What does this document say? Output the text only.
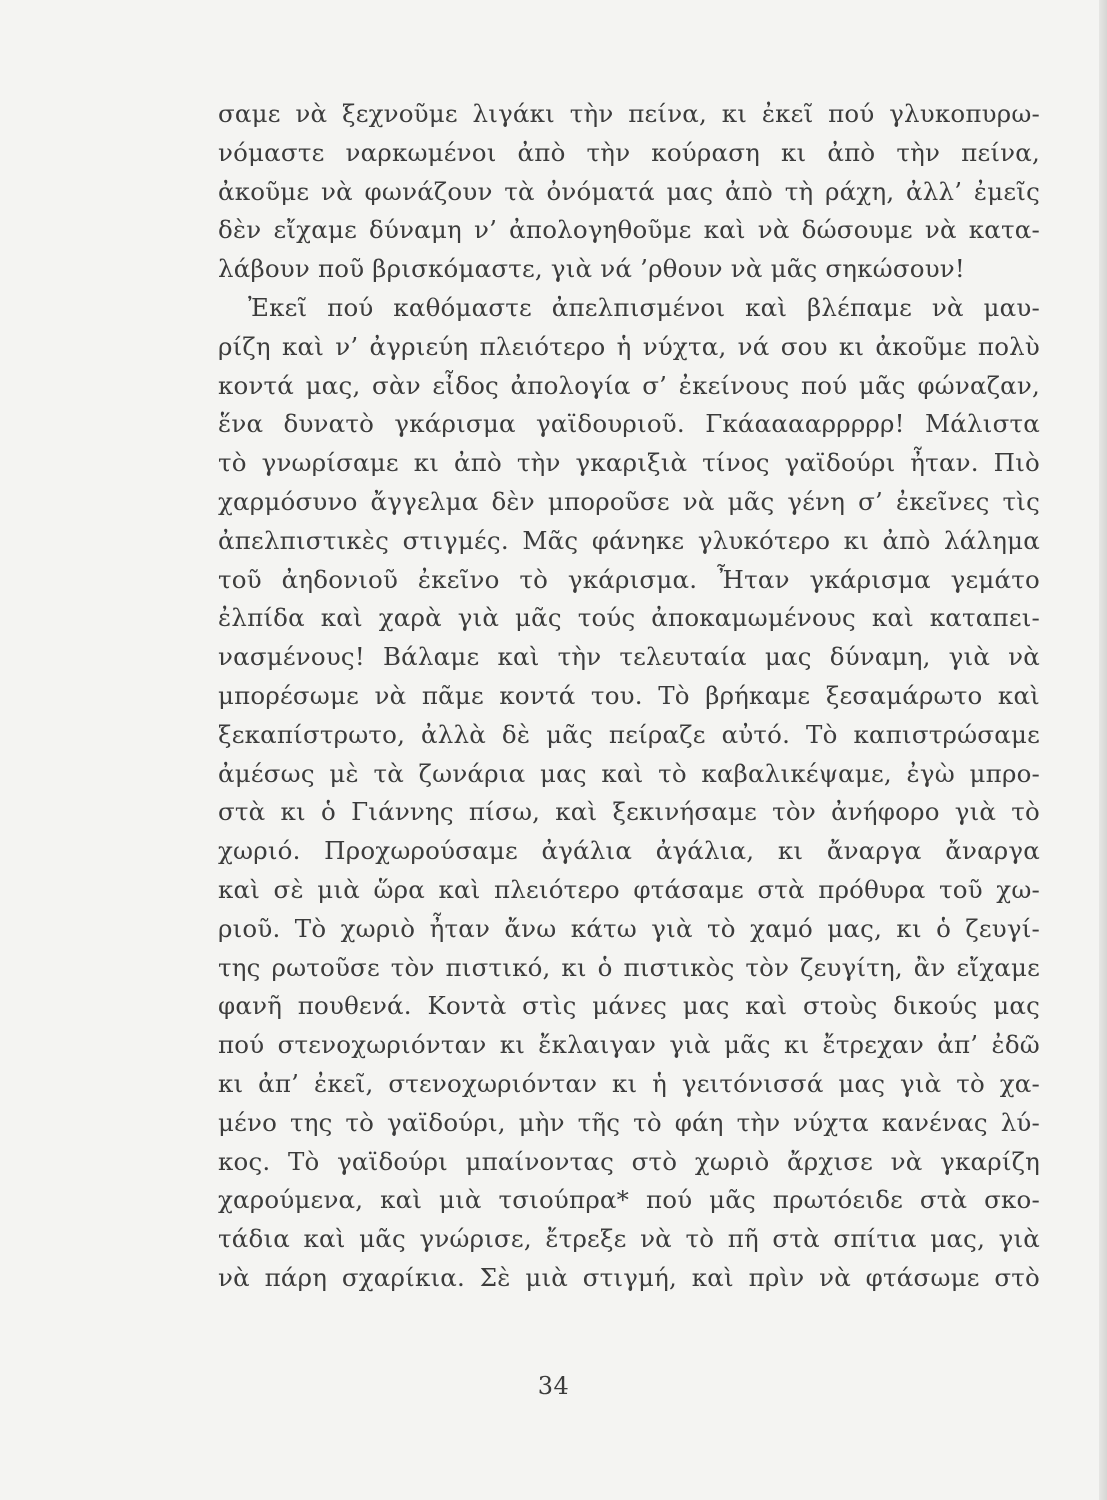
σαμε νὰ ξεχνοῦμε λιγάκι τὴν πείνα, κι ἐκεῖ πού γλυκοπυρω-
νόμαστε ναρκωμένοι ἀπὸ τὴν κούραση κι ἀπὸ τὴν πείνα,
ἀκοῦμε νὰ φωνάζουν τὰ ὀνόματά μας ἀπὸ τὴ ράχη, ἀλλ’ ἐμεῖς
δὲν εἴχαμε δύναμη ν’ ἀπολογηθοῦμε καὶ νὰ δώσουμε νὰ κατα-
λάβουν ποῦ βρισκόμαστε, γιὰ νά ’ρθουν νὰ μᾶς σηκώσουν!
Ἐκεῖ πού καθόμαστε ἀπελπισμένοι καὶ βλέπαμε νὰ μαυ-
ρίζη καὶ ν’ ἀγριεύη πλειότερο ἡ νύχτα, νά σου κι ἀκοῦμε πολὺ
κοντά μας, σὰν εἶδος ἀπολογία σ’ ἐκείνους πού μᾶς φώναζαν,
ἕνα δυνατὸ γκάρισμα γαϊδουριοῦ. Γκάααααρρρρρ! Μάλιστα
τὸ γνωρίσαμε κι ἀπὸ τὴν γκαριξιὰ τίνος γαϊδούρι ἦταν. Πιὸ
χαρμόσυνο ἄγγελμα δὲν μποροῦσε νὰ μᾶς γένη σ’ ἐκεῖνες τὶς
ἀπελπιστικὲς στιγμές. Μᾶς φάνηκε γλυκότερο κι ἀπὸ λάλημα
τοῦ ἀηδονιοῦ ἐκεῖνο τὸ γκάρισμα. Ἦταν γκάρισμα γεμάτο
ἐλπίδα καὶ χαρὰ γιὰ μᾶς τούς ἀποκαμωμένους καὶ καταπει-
νασμένους! Βάλαμε καὶ τὴν τελευταία μας δύναμη, γιὰ νὰ
μπορέσωμε νὰ πᾶμε κοντά του. Τὸ βρήκαμε ξεσαμάρωτο καὶ
ξεκαπίστρωτο, ἀλλὰ δὲ μᾶς πείραζε αὐτό. Τὸ καπιστρώσαμε
ἀμέσως μὲ τὰ ζωνάρια μας καὶ τὸ καβαλικέψαμε, ἐγὼ μπρο-
στὰ κι ὁ Γιάννης πίσω, καὶ ξεκινήσαμε τὸν ἀνήφορο γιὰ τὸ
χωριό. Προχωρούσαμε ἀγάλια ἀγάλια, κι ἄναργα ἄναργα
καὶ σὲ μιὰ ὥρα καὶ πλειότερο φτάσαμε στὰ πρόθυρα τοῦ χω-
ριοῦ. Τὸ χωριὸ ἦταν ἄνω κάτω γιὰ τὸ χαμό μας, κι ὁ ζευγί-
της ρωτοῦσε τὸν πιστικό, κι ὁ πιστικὸς τὸν ζευγίτη, ἂν εἴχαμε
φανῆ πουθενά. Κοντὰ στὶς μάνες μας καὶ στοὺς δικούς μας
πού στενοχωριόνταν κι ἔκλαιγαν γιὰ μᾶς κι ἔτρεχαν ἀπ’ ἐδῶ
κι ἀπ’ ἐκεῖ, στενοχωριόνταν κι ἡ γειτόνισσά μας γιὰ τὸ χα-
μένο της τὸ γαϊδούρι, μὴν τῆς τὸ φάη τὴν νύχτα κανένας λύ-
κος. Τὸ γαϊδούρι μπαίνοντας στὸ χωριὸ ἄρχισε νὰ γκαρίζη
χαρούμενα, καὶ μιὰ τσιούπρα* πού μᾶς πρωτόειδε στὰ σκο-
τάδια καὶ μᾶς γνώρισε, ἔτρεξε νὰ τὸ πῆ στὰ σπίτια μας, γιὰ
νὰ πάρη σχαρίκια. Σὲ μιὰ στιγμή, καὶ πρὶν νὰ φτάσωμε στὸ
34
